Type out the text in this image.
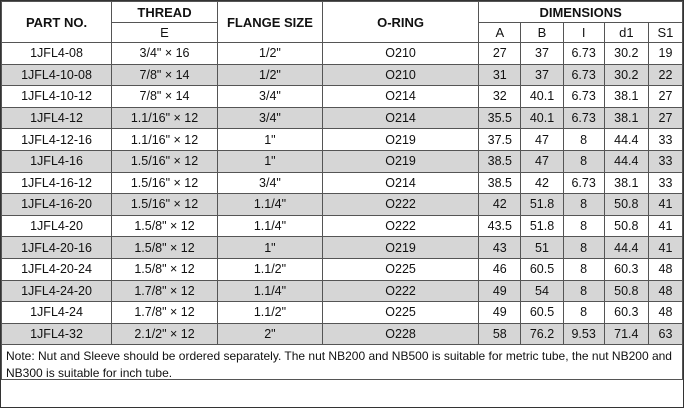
PART NO.	THREAD	FLANGE SIZE	O-RING	DIMENSIONS				
	E			A	B	I	d1	S1
1JFL4-08	3/4" × 16	1/2"	O210	27	37	6.73	30.2	19
1JFL4-10-08	7/8" × 14	1/2"	O210	31	37	6.73	30.2	22
1JFL4-10-12	7/8" × 14	3/4"	O214	32	40.1	6.73	38.1	27
1JFL4-12	1.1/16" × 12	3/4"	O214	35.5	40.1	6.73	38.1	27
1JFL4-12-16	1.1/16" × 12	1"	O219	37.5	47	8	44.4	33
1JFL4-16	1.5/16" × 12	1"	O219	38.5	47	8	44.4	33
1JFL4-16-12	1.5/16" × 12	3/4"	O214	38.5	42	6.73	38.1	33
1JFL4-16-20	1.5/16" × 12	1.1/4"	O222	42	51.8	8	50.8	41
1JFL4-20	1.5/8" × 12	1.1/4"	O222	43.5	51.8	8	50.8	41
1JFL4-20-16	1.5/8" × 12	1"	O219	43	51	8	44.4	41
1JFL4-20-24	1.5/8" × 12	1.1/2"	O225	46	60.5	8	60.3	48
1JFL4-24-20	1.7/8" × 12	1.1/4"	O222	49	54	8	50.8	48
1JFL4-24	1.7/8" × 12	1.1/2"	O225	49	60.5	8	60.3	48
1JFL4-32	2.1/2" × 12	2"	O228	58	76.2	9.53	71.4	63
Note: Nut and Sleeve should be ordered separately. The nut NB200 and NB500 is suitable for metric tube, the nut NB200 and NB300 is suitable for inch tube.
